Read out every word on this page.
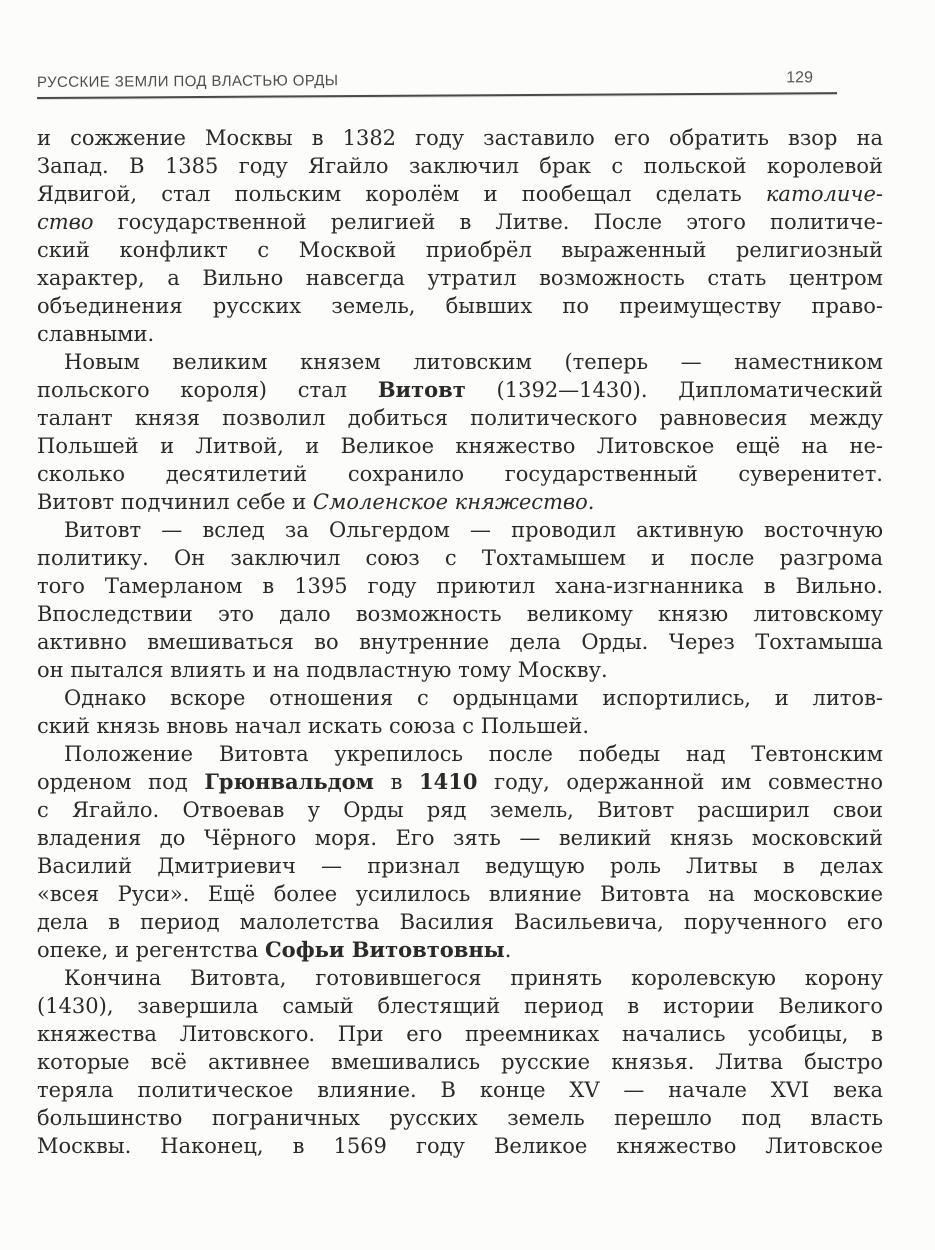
РУССКИЕ ЗЕМЛИ ПОД ВЛАСТЬЮ ОРДЫ	129
и сожжение Москвы в 1382 году заставило его обратить взор на
Запад. В 1385 году Ягайло заключил брак с польской королевой
Ядвигой, стал польским королём и пообещал сделать католиче-
ство государственной религией в Литве. После этого политиче-
ский конфликт с Москвой приобрёл выраженный религиозный
характер, а Вильно навсегда утратил возможность стать центром
объединения русских земель, бывших по преимуществу право-
славными.
Новым великим князем литовским (теперь — наместником
польского короля) стал Витовт (1392—1430). Дипломатический
талант князя позволил добиться политического равновесия между
Польшей и Литвой, и Великое княжество Литовское ещё на не-
сколько десятилетий сохранило государственный суверенитет.
Витовт подчинил себе и Смоленское княжество.
Витовт — вслед за Ольгердом — проводил активную восточную
политику. Он заключил союз с Тохтамышем и после разгрома
того Тамерланом в 1395 году приютил хана-изгнанника в Вильно.
Впоследствии это дало возможность великому князю литовскому
активно вмешиваться во внутренние дела Орды. Через Тохтамыша
он пытался влиять и на подвластную тому Москву.
Однако вскоре отношения с ордынцами испортились, и литов-
ский князь вновь начал искать союза с Польшей.
Положение Витовта укрепилось после победы над Тевтонским
орденом под Грюнвальдом в 1410 году, одержанной им совместно
с Ягайло. Отвоевав у Орды ряд земель, Витовт расширил свои
владения до Чёрного моря. Его зять — великий князь московский
Василий Дмитриевич — признал ведущую роль Литвы в делах
«всея Руси». Ещё более усилилось влияние Витовта на московские
дела в период малолетства Василия Васильевича, порученного его
опеке, и регентства Софьи Витовтовны.
Кончина Витовта, готовившегося принять королевскую корону
(1430), завершила самый блестящий период в истории Великого
княжества Литовского. При его преемниках начались усобицы, в
которые всё активнее вмешивались русские князья. Литва быстро
теряла политическое влияние. В конце XV — начале XVI века
большинство пограничных русских земель перешло под власть
Москвы. Наконец, в 1569 году Великое княжество Литовское
